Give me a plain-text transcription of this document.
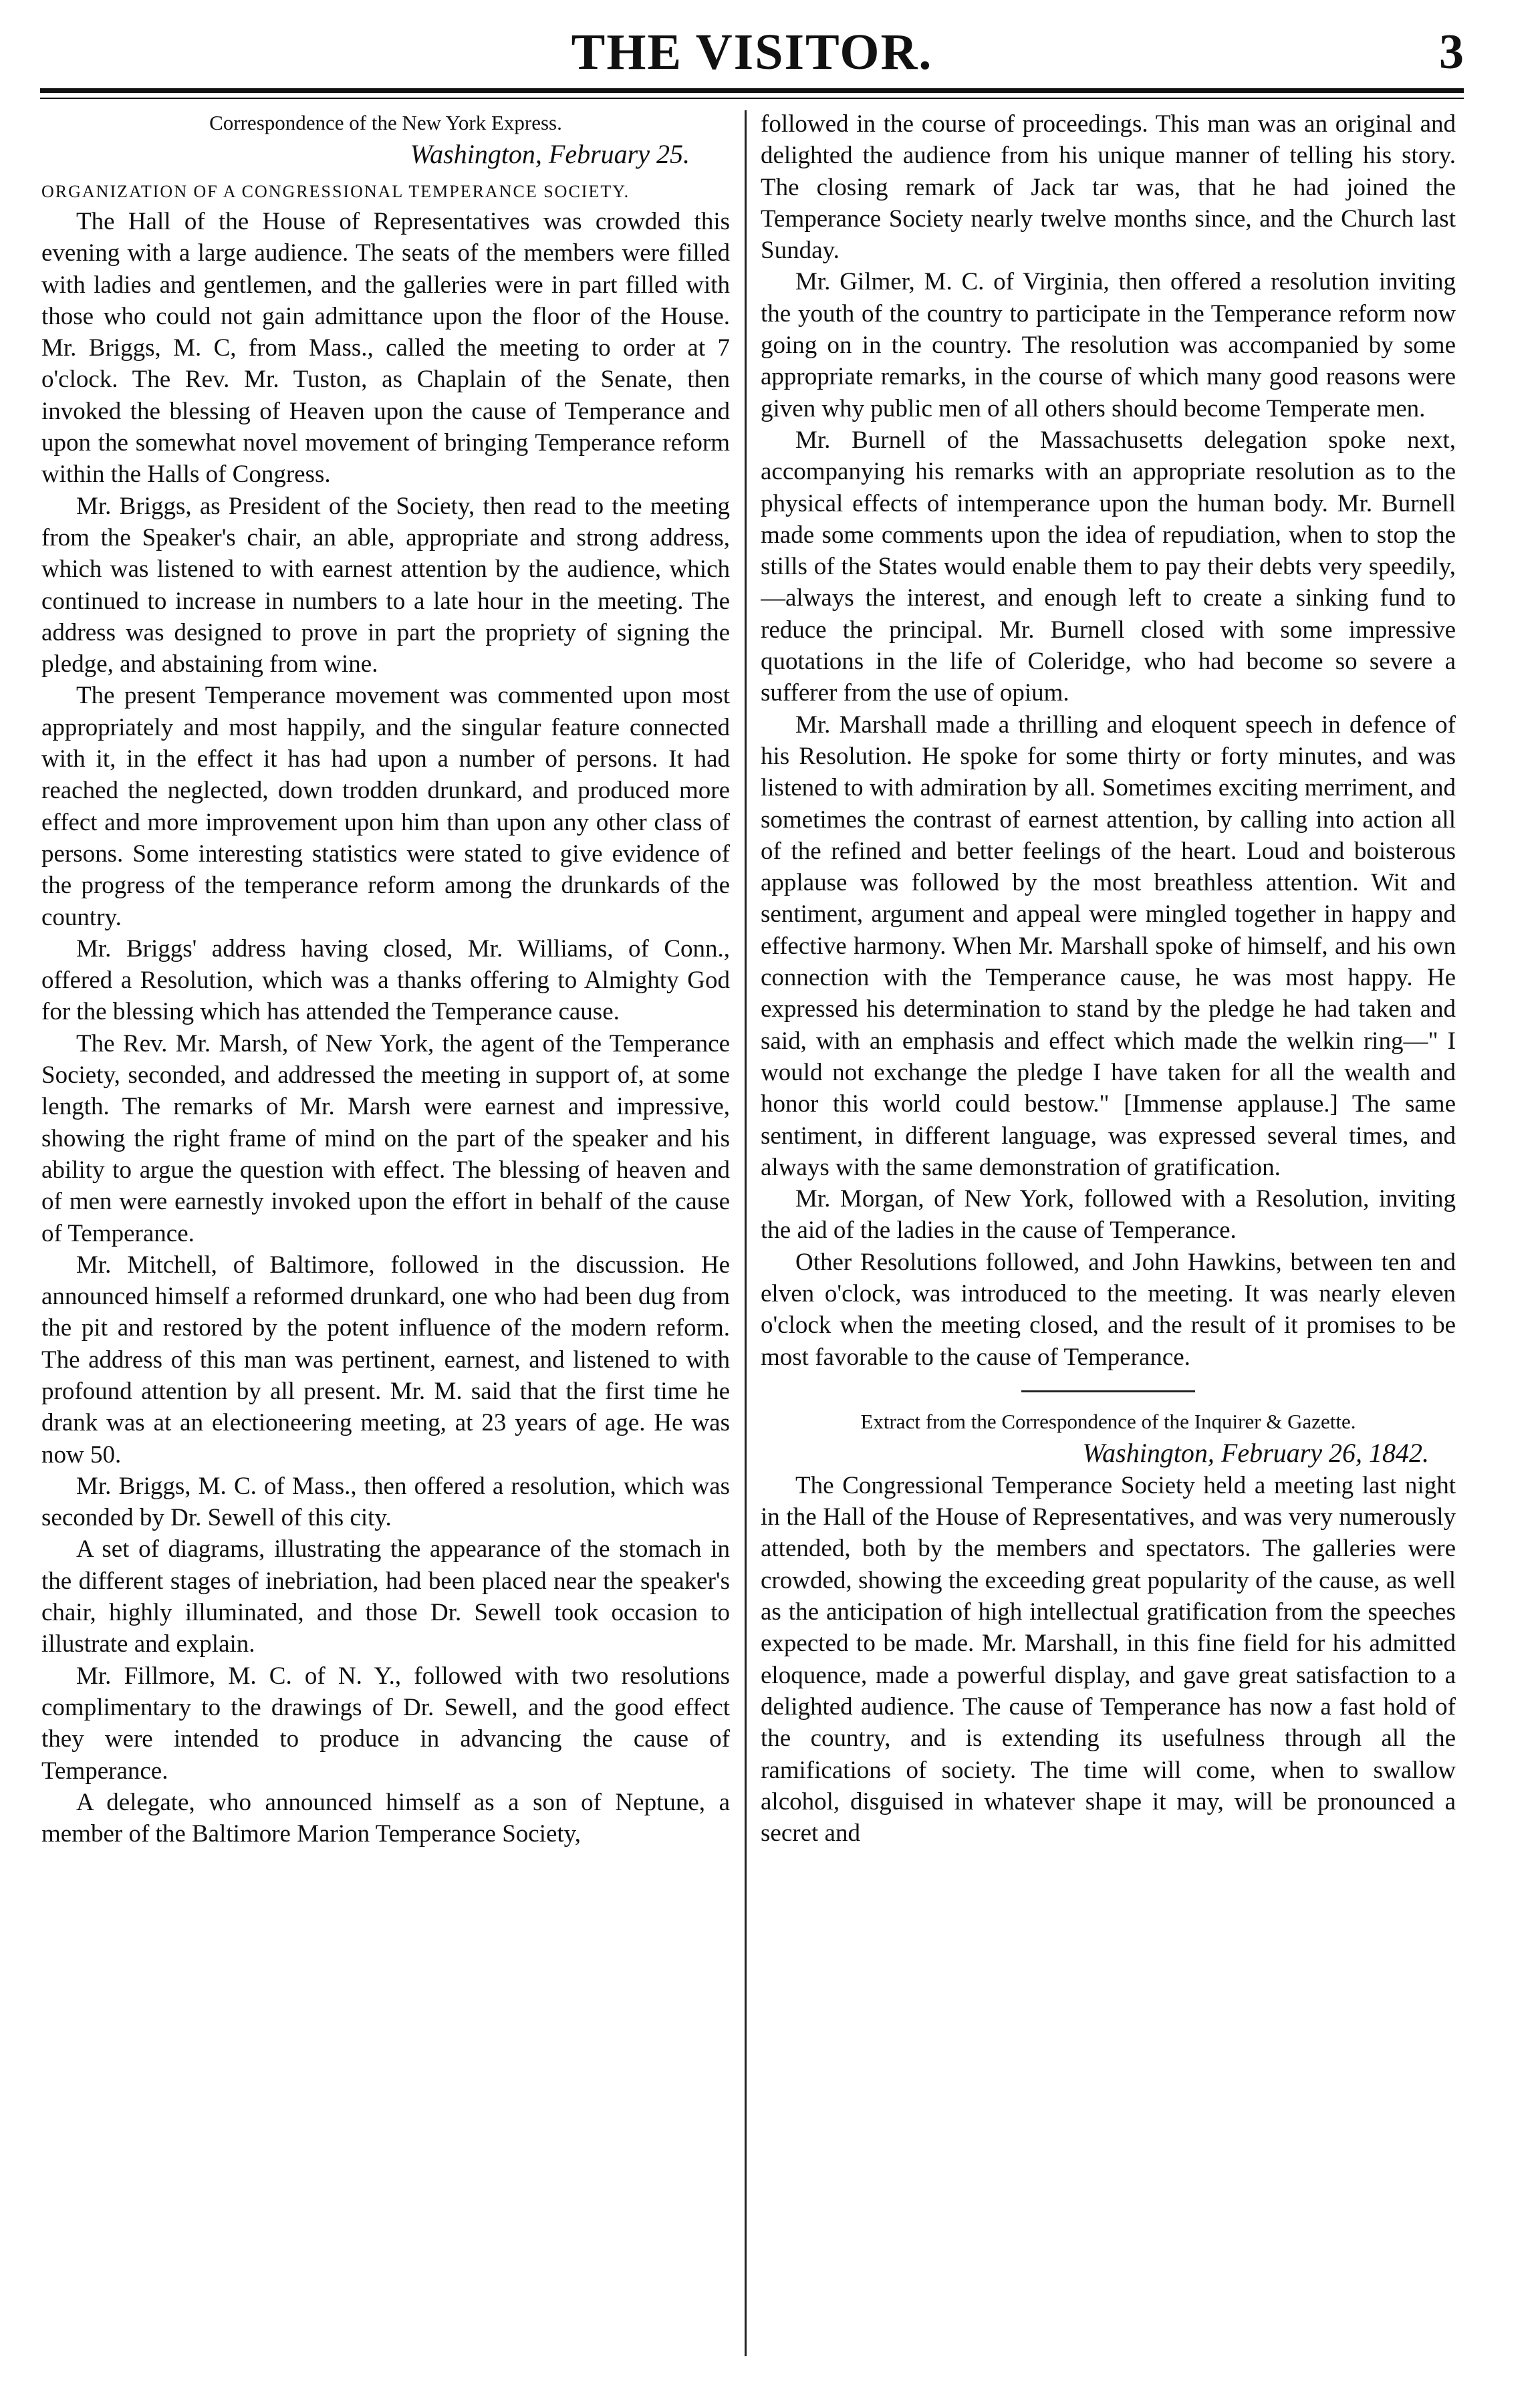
THE VISITOR.	3

Correspondence of the New York Express.

Washington, February 25.

ORGANIZATION OF A CONGRESSIONAL TEMPERANCE SOCIETY.

The Hall of the House of Representatives was crowded this evening with a large audience. The seats of the members were filled with ladies and gentlemen, and the galleries were in part filled with those who could not gain admittance upon the floor of the House. Mr. Briggs, M. C, from Mass., called the meeting to order at 7 o'clock. The Rev. Mr. Tuston, as Chaplain of the Senate, then invoked the blessing of Heaven upon the cause of Temperance and upon the somewhat novel movement of bringing Temperance reform within the Halls of Congress.

Mr. Briggs, as President of the Society, then read to the meeting from the Speaker's chair, an able, appropriate and strong address, which was listened to with earnest attention by the audience, which continued to increase in numbers to a late hour in the meeting. The address was designed to prove in part the propriety of signing the pledge, and abstaining from wine.

The present Temperance movement was commented upon most appropriately and most happily, and the singular feature connected with it, in the effect it has had upon a number of persons. It had reached the neglected, down trodden drunkard, and produced more effect and more improvement upon him than upon any other class of persons. Some interesting statistics were stated to give evidence of the progress of the temperance reform among the drunkards of the country.

Mr. Briggs' address having closed, Mr. Williams, of Conn., offered a Resolution, which was a thanks offering to Almighty God for the blessing which has attended the Temperance cause.

The Rev. Mr. Marsh, of New York, the agent of the Temperance Society, seconded, and addressed the meeting in support of, at some length. The remarks of Mr. Marsh were earnest and impressive, showing the right frame of mind on the part of the speaker and his ability to argue the question with effect. The blessing of heaven and of men were earnestly invoked upon the effort in behalf of the cause of Temperance.

Mr. Mitchell, of Baltimore, followed in the discussion. He announced himself a reformed drunkard, one who had been dug from the pit and restored by the potent influence of the modern reform. The address of this man was pertinent, earnest, and listened to with profound attention by all present. Mr. M. said that the first time he drank was at an electioneering meeting, at 23 years of age. He was now 50.

Mr. Briggs, M. C. of Mass., then offered a resolution, which was seconded by Dr. Sewell of this city.

A set of diagrams, illustrating the appearance of the stomach in the different stages of inebriation, had been placed near the speaker's chair, highly illuminated, and those Dr. Sewell took occasion to illustrate and explain.

Mr. Fillmore, M. C. of N. Y., followed with two resolutions complimentary to the drawings of Dr. Sewell, and the good effect they were intended to produce in advancing the cause of Temperance.

A delegate, who announced himself as a son of Neptune, a member of the Baltimore Marion Temperance Society,

followed in the course of proceedings. This man was an original and delighted the audience from his unique manner of telling his story. The closing remark of Jack tar was, that he had joined the Temperance Society nearly twelve months since, and the Church last Sunday.

Mr. Gilmer, M. C. of Virginia, then offered a resolution inviting the youth of the country to participate in the Temperance reform now going on in the country. The resolution was accompanied by some appropriate remarks, in the course of which many good reasons were given why public men of all others should become Temperate men.

Mr. Burnell of the Massachusetts delegation spoke next, accompanying his remarks with an appropriate resolution as to the physical effects of intemperance upon the human body. Mr. Burnell made some comments upon the idea of repudiation, when to stop the stills of the States would enable them to pay their debts very speedily,—always the interest, and enough left to create a sinking fund to reduce the principal. Mr. Burnell closed with some impressive quotations in the life of Coleridge, who had become so severe a sufferer from the use of opium.

Mr. Marshall made a thrilling and eloquent speech in defence of his Resolution. He spoke for some thirty or forty minutes, and was listened to with admiration by all. Sometimes exciting merriment, and sometimes the contrast of earnest attention, by calling into action all of the refined and better feelings of the heart. Loud and boisterous applause was followed by the most breathless attention. Wit and sentiment, argument and appeal were mingled together in happy and effective harmony. When Mr. Marshall spoke of himself, and his own connection with the Temperance cause, he was most happy. He expressed his determination to stand by the pledge he had taken and said, with an emphasis and effect which made the welkin ring—" I would not exchange the pledge I have taken for all the wealth and honor this world could bestow." [Immense applause.] The same sentiment, in different language, was expressed several times, and always with the same demonstration of gratification.

Mr. Morgan, of New York, followed with a Resolution, inviting the aid of the ladies in the cause of Temperance.

Other Resolutions followed, and John Hawkins, between ten and elven o'clock, was introduced to the meeting. It was nearly eleven o'clock when the meeting closed, and the result of it promises to be most favorable to the cause of Temperance.

Extract from the Correspondence of the Inquirer & Gazette.

Washington, February 26, 1842.

The Congressional Temperance Society held a meeting last night in the Hall of the House of Representatives, and was very numerously attended, both by the members and spectators. The galleries were crowded, showing the exceeding great popularity of the cause, as well as the anticipation of high intellectual gratification from the speeches expected to be made. Mr. Marshall, in this fine field for his admitted eloquence, made a powerful display, and gave great satisfaction to a delighted audience. The cause of Temperance has now a fast hold of the country, and is extending its usefulness through all the ramifications of society. The time will come, when to swallow alcohol, disguised in whatever shape it may, will be pronounced a secret and
